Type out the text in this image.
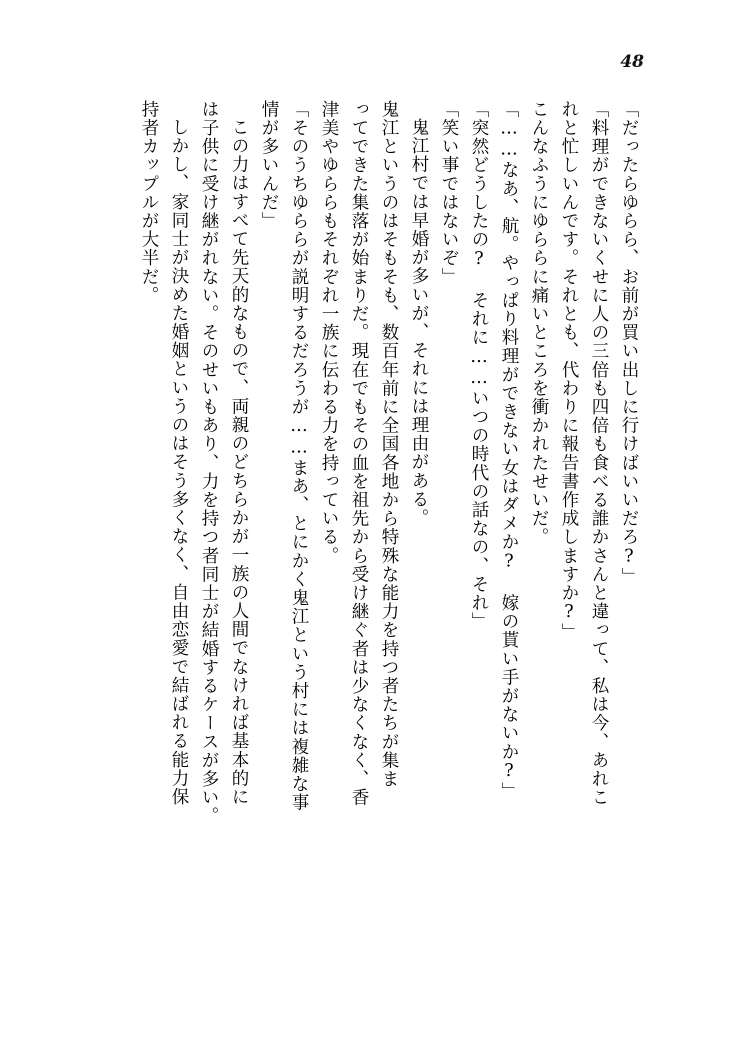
48
「だったらゆらら、お前が買い出しに行けばいいだろ?」
「料理ができないくせに人の三倍も四倍も食べる誰かさんと違って、私は今、あれこ
れと忙しいんです。それとも、代わりに報告書作成しますか?」
こんなふうにゆららに痛いところを衝かれたせいだ。
「……なあ、航。やっぱり料理ができない女はダメか? 嫁の貰い手がないか?」
「突然どうしたの? それに……いつの時代の話なの、それ」
「笑い事ではないぞ」
鬼江村では早婚が多いが、それには理由がある。
鬼江というのはそもそも、数百年前に全国各地から特殊な能力を持つ者たちが集ま
ってできた集落が始まりだ。現在でもその血を祖先から受け継ぐ者は少なくなく、香
津美やゆららもそれぞれ一族に伝わる力を持っている。
「そのうちゆららが説明するだろうが……まあ、とにかく鬼江という村には複雑な事
情が多いんだ」
この力はすべて先天的なもので、両親のどちらかが一族の人間でなければ基本的に
は子供に受け継がれない。そのせいもあり、力を持つ者同士が結婚するケースが多い。
しかし、家同士が決めた婚姻というのはそう多くなく、自由恋愛で結ばれる能力保
持者カップルが大半だ。
